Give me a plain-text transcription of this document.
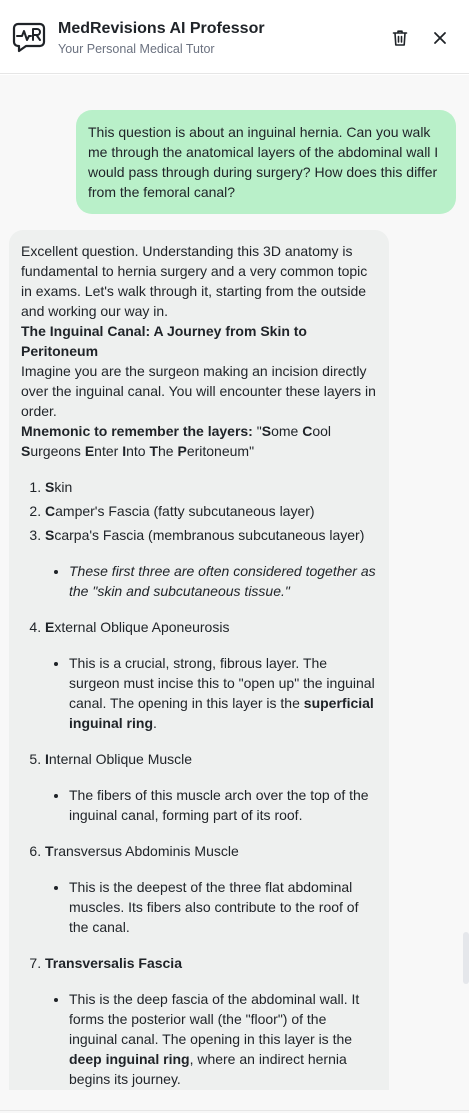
MedRevisions AI Professor
Your Personal Medical Tutor
This question is about an inguinal hernia. Can you walk me through the anatomical layers of the abdominal wall I would pass through during surgery? How does this differ from the femoral canal?

Excellent question. Understanding this 3D anatomy is fundamental to hernia surgery and a very common topic in exams. Let's walk through it, starting from the outside and working our way in.

The Inguinal Canal: A Journey from Skin to Peritoneum

Imagine you are the surgeon making an incision directly over the inguinal canal. You will encounter these layers in order.

Mnemonic to remember the layers: "Some Cool Surgeons Enter Into The Peritoneum"

1. Skin
2. Camper's Fascia (fatty subcutaneous layer)
3. Scarpa's Fascia (membranous subcutaneous layer)
• These first three are often considered together as the "skin and subcutaneous tissue."
4. External Oblique Aponeurosis
• This is a crucial, strong, fibrous layer. The surgeon must incise this to "open up" the inguinal canal. The opening in this layer is the superficial inguinal ring.
5. Internal Oblique Muscle
• The fibers of this muscle arch over the top of the inguinal canal, forming part of its roof.
6. Transversus Abdominis Muscle
• This is the deepest of the three flat abdominal muscles. Its fibers also contribute to the roof of the canal.
7. Transversalis Fascia
• This is the deep fascia of the abdominal wall. It forms the posterior wall (the "floor") of the inguinal canal. The opening in this layer is the deep inguinal ring, where an indirect hernia begins its journey.
